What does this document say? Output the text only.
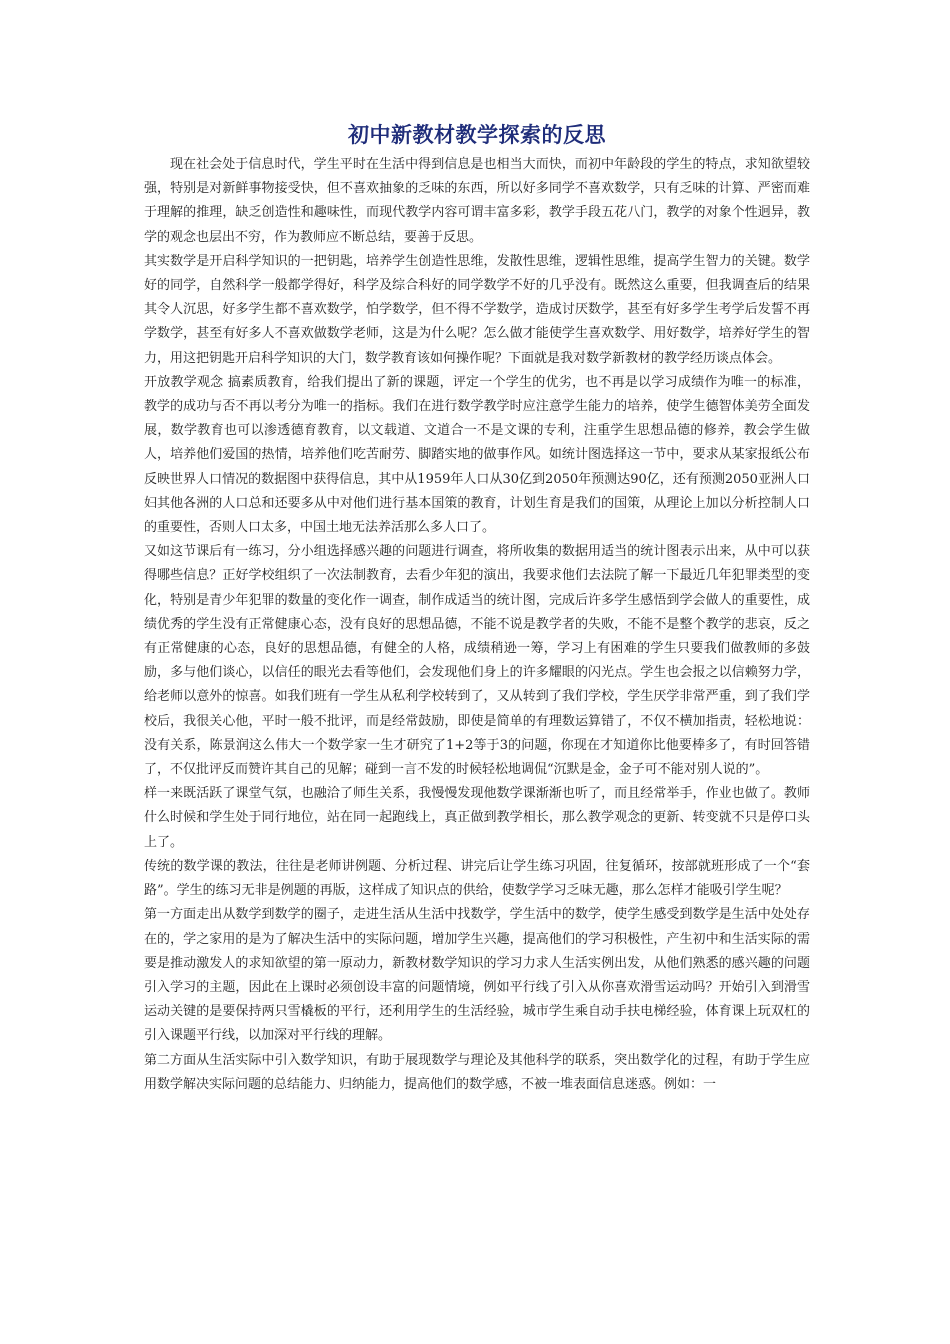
初中新教材教学探索的反思

现在社会处于信息时代，学生平时在生活中得到信息是也相当大而快，而初中年龄段的学生的特点，求知欲望较强，特别是对新鲜事物接受快，但不喜欢抽象的乏味的东西，所以好多同学不喜欢数学，只有乏味的计算、严密而难于理解的推理，缺乏创造性和趣味性，而现代教学内容可谓丰富多彩，教学手段五花八门，教学的对象个性迥异，教学的观念也层出不穷，作为教师应不断总结，要善于反思。

其实数学是开启科学知识的一把钥匙，培养学生创造性思维，发散性思维，逻辑性思维，提高学生智力的关键。数学好的同学，自然科学一般都学得好，科学及综合科好的同学数学不好的几乎没有。既然这么重要，但我调查后的结果其令人沉思，好多学生都不喜欢数学，怕学数学，但不得不学数学，造成讨厌数学，甚至有好多学生考学后发誓不再学数学，甚至有好多人不喜欢做数学老师，这是为什么呢？怎么做才能使学生喜欢数学、用好数学，培养好学生的智力，用这把钥匙开启科学知识的大门，数学教育该如何操作呢？下面就是我对数学新教材的教学经历谈点体会。

开放教学观念 搞素质教育，给我们提出了新的课题，评定一个学生的优劣，也不再是以学习成绩作为唯一的标准，教学的成功与否不再以考分为唯一的指标。我们在进行数学教学时应注意学生能力的培养，使学生德智体美劳全面发展，数学教育也可以渗透德育教育，以文载道、文道合一不是文课的专利，注重学生思想品德的修养，教会学生做人，培养他们爱国的热情，培养他们吃苦耐劳、脚踏实地的做事作风。如统计图选择这一节中，要求从某家报纸公布反映世界人口情况的数据图中获得信息，其中从1959年人口从30亿到2050年预测达90亿，还有预测2050亚洲人口妇其他各洲的人口总和还要多从中对他们进行基本国策的教育，计划生育是我们的国策，从理论上加以分析控制人口的重要性，否则人口太多，中国土地无法养活那么多人口了。

又如这节课后有一练习，分小组选择感兴趣的问题进行调查，将所收集的数据用适当的统计图表示出来，从中可以获得哪些信息？正好学校组织了一次法制教育，去看少年犯的演出，我要求他们去法院了解一下最近几年犯罪类型的变化，特别是青少年犯罪的数量的变化作一调查，制作成适当的统计图，完成后许多学生感悟到学会做人的重要性，成绩优秀的学生没有正常健康心态，没有良好的思想品德，不能不说是教学者的失败，不能不是整个教学的悲哀，反之有正常健康的心态，良好的思想品德，有健全的人格，成绩稍逊一筹，学习上有困难的学生只要我们做教师的多鼓励，多与他们谈心，以信任的眼光去看等他们，会发现他们身上的许多耀眼的闪光点。学生也会报之以信赖努力学，给老师以意外的惊喜。如我们班有一学生从私利学校转到了，又从转到了我们学校，学生厌学非常严重，到了我们学校后，我很关心他，平时一般不批评，而是经常鼓励，即使是简单的有理数运算错了，不仅不横加指责，轻松地说：没有关系，陈景润这么伟大一个数学家一生才研究了1+2等于3的问题，你现在才知道你比他要棒多了，有时回答错了，不仅批评反而赞许其自己的见解；碰到一言不发的时候轻松地调侃“沉默是金，金子可不能对别人说的”。

样一来既活跃了课堂气氛，也融洽了师生关系，我慢慢发现他数学课渐渐也听了，而且经常举手，作业也做了。教师什么时候和学生处于同行地位，站在同一起跑线上，真正做到教学相长，那么教学观念的更新、转变就不只是停口头上了。

传统的数学课的教法，往往是老师讲例题、分析过程、讲完后让学生练习巩固，往复循环，按部就班形成了一个“套路”。学生的练习无非是例题的再版，这样成了知识点的供给，使数学学习乏味无趣，那么怎样才能吸引学生呢？

第一方面走出从数学到数学的圈子，走进生活从生活中找数学，学生活中的数学，使学生感受到数学是生活中处处存在的，学之家用的是为了解决生活中的实际问题，增加学生兴趣，提高他们的学习积极性，产生初中和生活实际的需要是推动激发人的求知欲望的第一原动力，新教材数学知识的学习力求人生活实例出发，从他们熟悉的感兴趣的问题引入学习的主题，因此在上课时必须创设丰富的问题情境，例如平行线了引入从你喜欢滑雪运动吗？开始引入到滑雪运动关键的是要保持两只雪橇板的平行，还利用学生的生活经验，城市学生乘自动手扶电梯经验，体育课上玩双杠的引入课题平行线，以加深对平行线的理解。

第二方面从生活实际中引入数学知识，有助于展现数学与理论及其他科学的联系，突出数学化的过程，有助于学生应用数学解决实际问题的总结能力、归纳能力，提高他们的数学感，不被一堆表面信息迷惑。例如：一
